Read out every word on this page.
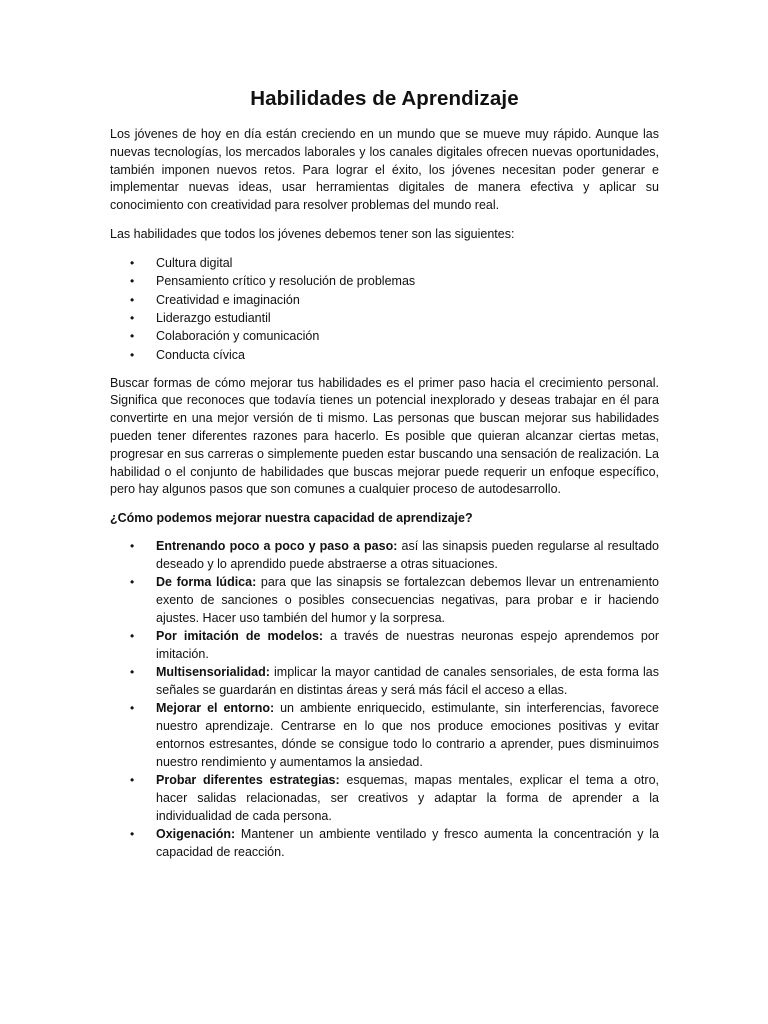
Habilidades de Aprendizaje

Los jóvenes de hoy en día están creciendo en un mundo que se mueve muy rápido. Aunque las nuevas tecnologías, los mercados laborales y los canales digitales ofrecen nuevas oportunidades, también imponen nuevos retos. Para lograr el éxito, los jóvenes necesitan poder generar e implementar nuevas ideas, usar herramientas digitales de manera efectiva y aplicar su conocimiento con creatividad para resolver problemas del mundo real.

Las habilidades que todos los jóvenes debemos tener son las siguientes:

• Cultura digital
• Pensamiento crítico y resolución de problemas
• Creatividad e imaginación
• Liderazgo estudiantil
• Colaboración y comunicación
• Conducta cívica

Buscar formas de cómo mejorar tus habilidades es el primer paso hacia el crecimiento personal. Significa que reconoces que todavía tienes un potencial inexplorado y deseas trabajar en él para convertirte en una mejor versión de ti mismo. Las personas que buscan mejorar sus habilidades pueden tener diferentes razones para hacerlo. Es posible que quieran alcanzar ciertas metas, progresar en sus carreras o simplemente pueden estar buscando una sensación de realización. La habilidad o el conjunto de habilidades que buscas mejorar puede requerir un enfoque específico, pero hay algunos pasos que son comunes a cualquier proceso de autodesarrollo.

¿Cómo podemos mejorar nuestra capacidad de aprendizaje?

• Entrenando poco a poco y paso a paso: así las sinapsis pueden regularse al resultado deseado y lo aprendido puede abstraerse a otras situaciones.
• De forma lúdica: para que las sinapsis se fortalezcan debemos llevar un entrenamiento exento de sanciones o posibles consecuencias negativas, para probar e ir haciendo ajustes. Hacer uso también del humor y la sorpresa.
• Por imitación de modelos: a través de nuestras neuronas espejo aprendemos por imitación.
• Multisensorialidad: implicar la mayor cantidad de canales sensoriales, de esta forma las señales se guardarán en distintas áreas y será más fácil el acceso a ellas.
• Mejorar el entorno: un ambiente enriquecido, estimulante, sin interferencias, favorece nuestro aprendizaje. Centrarse en lo que nos produce emociones positivas y evitar entornos estresantes, dónde se consigue todo lo contrario a aprender, pues disminuimos nuestro rendimiento y aumentamos la ansiedad.
• Probar diferentes estrategias: esquemas, mapas mentales, explicar el tema a otro, hacer salidas relacionadas, ser creativos y adaptar la forma de aprender a la individualidad de cada persona.
• Oxigenación: Mantener un ambiente ventilado y fresco aumenta la concentración y la capacidad de reacción.
